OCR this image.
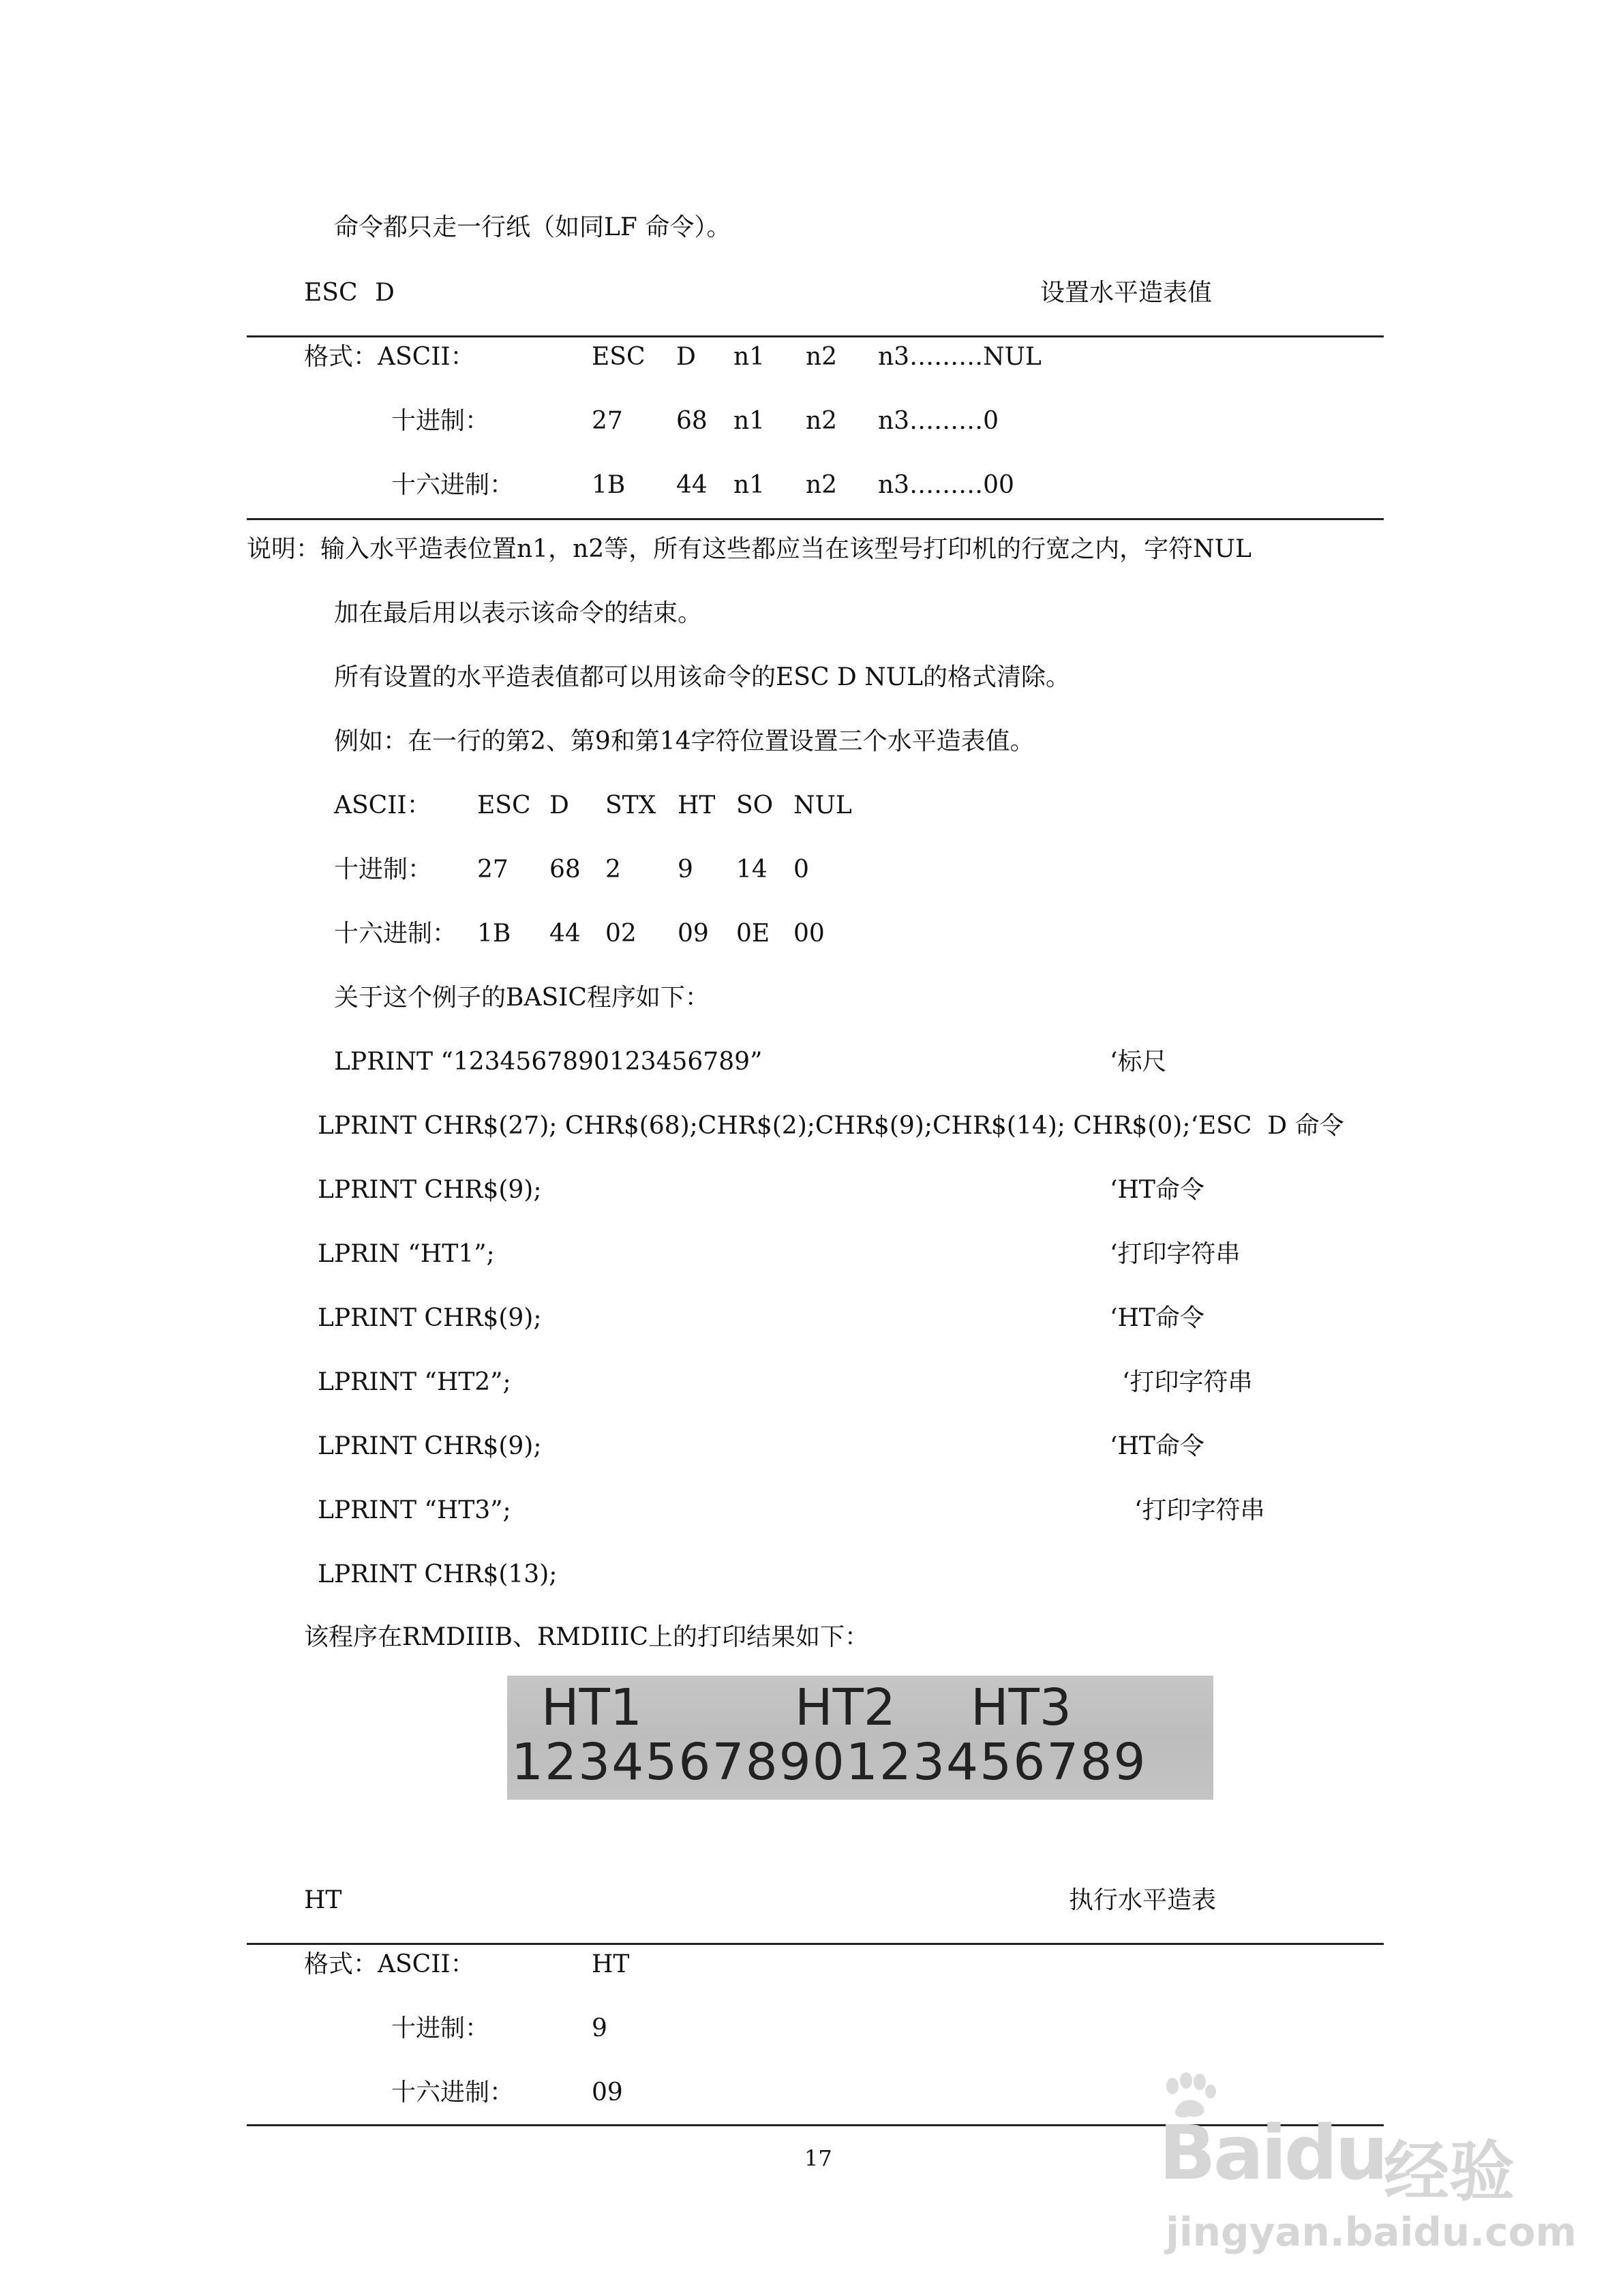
命令都只走一行纸（如同LF 命令）。
ESC D	设置水平造表值
格式：ASCII：	ESC D n1 n2 n3………NUL
十进制：	27 68 n1 n2 n3………0
十六进制：	1B 44 n1 n2 n3………00
说明：输入水平造表位置n1，n2等，所有这些都应当在该型号打印机的行宽之内，字符NUL
加在最后用以表示该命令的结束。
所有设置的水平造表值都可以用该命令的ESC D NUL的格式清除。
例如：在一行的第2、第9和第14字符位置设置三个水平造表值。
ASCII： ESC D STX HT SO NUL
十进制： 27 68 2 9 14 0
十六进制： 1B 44 02 09 0E 00
关于这个例子的BASIC程序如下：
LPRINT “1234567890123456789”	‘标尺
LPRINT CHR$(27); CHR$(68);CHR$(2);CHR$(9);CHR$(14); CHR$(0);‘ESC  D 命令
LPRINT CHR$(9);	‘HT命令
LPRIN “HT1”;	‘打印字符串
LPRINT CHR$(9);	‘HT命令
LPRINT “HT2”;	‘打印字符串
LPRINT CHR$(9);	‘HT命令
LPRINT “HT3”;	‘打印字符串
LPRINT CHR$(13);
该程序在RMDIIIB、RMDIIIC上的打印结果如下：

HT1

	HT2

HT3

1234567890123456789
HT	执行水平造表
格式：ASCII：	HT
十进制：	9
十六进制：	09
17	Baidu
经验
jingyan.baidu.com
